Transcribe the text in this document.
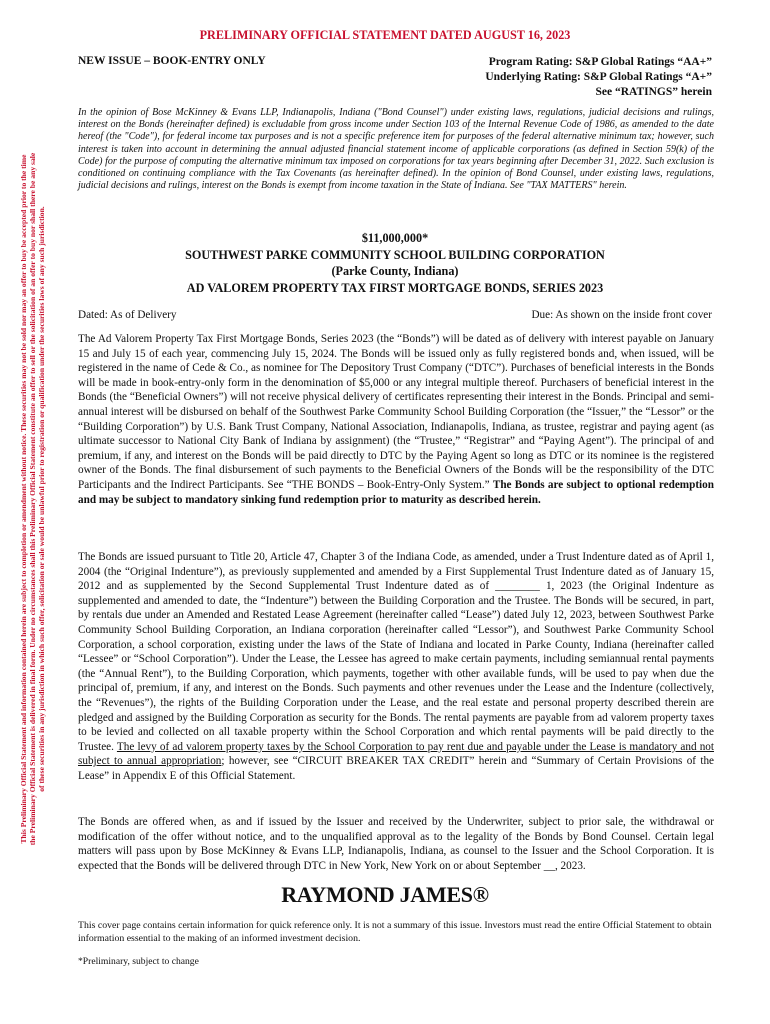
This Preliminary Official Statement and information contained herein are subject to completion or amendment without notice. These securities may not be sold nor may an offer to buy be accepted prior to the time the Preliminary Official Statement is delivered in final form. Under no circumstances shall this Preliminary Official Statement constitute an offer to sell or the solicitation of an offer to buy nor shall there be any sale of these securities in any jurisdiction in which such offer, solicitation or sale would be unlawful prior to registration or qualification under the securities laws of any such jurisdiction.
PRELIMINARY OFFICIAL STATEMENT DATED AUGUST 16, 2023
NEW ISSUE – BOOK-ENTRY ONLY	Program Rating: S&P Global Ratings “AA+”
Underlying Rating: S&P Global Ratings “A+”
See “RATINGS” herein
In the opinion of Bose McKinney & Evans LLP, Indianapolis, Indiana ("Bond Counsel") under existing laws, regulations, judicial decisions and rulings, interest on the Bonds (hereinafter defined) is excludable from gross income under Section 103 of the Internal Revenue Code of 1986, as amended to the date hereof (the "Code"), for federal income tax purposes and is not a specific preference item for purposes of the federal alternative minimum tax; however, such interest is taken into account in determining the annual adjusted financial statement income of applicable corporations (as defined in Section 59(k) of the Code) for the purpose of computing the alternative minimum tax imposed on corporations for tax years beginning after December 31, 2022. Such exclusion is conditioned on continuing compliance with the Tax Covenants (as hereinafter defined). In the opinion of Bond Counsel, under existing laws, regulations, judicial decisions and rulings, interest on the Bonds is exempt from income taxation in the State of Indiana. See "TAX MATTERS" herein.
$11,000,000*
SOUTHWEST PARKE COMMUNITY SCHOOL BUILDING CORPORATION
(Parke County, Indiana)
AD VALOREM PROPERTY TAX FIRST MORTGAGE BONDS, SERIES 2023
Dated: As of Delivery	Due: As shown on the inside front cover
The Ad Valorem Property Tax First Mortgage Bonds, Series 2023 (the “Bonds”) will be dated as of delivery with interest payable on January 15 and July 15 of each year, commencing July 15, 2024. The Bonds will be issued only as fully registered bonds and, when issued, will be registered in the name of Cede & Co., as nominee for The Depository Trust Company (“DTC”). Purchases of beneficial interests in the Bonds will be made in book-entry-only form in the denomination of $5,000 or any integral multiple thereof. Purchasers of beneficial interest in the Bonds (the “Beneficial Owners”) will not receive physical delivery of certificates representing their interest in the Bonds. Principal and semi-annual interest will be disbursed on behalf of the Southwest Parke Community School Building Corporation (the “Issuer,” the “Lessor” or the “Building Corporation”) by U.S. Bank Trust Company, National Association, Indianapolis, Indiana, as trustee, registrar and paying agent (as ultimate successor to National City Bank of Indiana by assignment) (the “Trustee,” “Registrar” and “Paying Agent”). The principal of and premium, if any, and interest on the Bonds will be paid directly to DTC by the Paying Agent so long as DTC or its nominee is the registered owner of the Bonds. The final disbursement of such payments to the Beneficial Owners of the Bonds will be the responsibility of the DTC Participants and the Indirect Participants. See “THE BONDS – Book-Entry-Only System.” The Bonds are subject to optional redemption and may be subject to mandatory sinking fund redemption prior to maturity as described herein.
The Bonds are issued pursuant to Title 20, Article 47, Chapter 3 of the Indiana Code, as amended, under a Trust Indenture dated as of April 1, 2004 (the “Original Indenture”), as previously supplemented and amended by a First Supplemental Trust Indenture dated as of January 15, 2012 and as supplemented by the Second Supplemental Trust Indenture dated as of ________ 1, 2023 (the Original Indenture as supplemented and amended to date, the “Indenture”) between the Building Corporation and the Trustee. The Bonds will be secured, in part, by rentals due under an Amended and Restated Lease Agreement (hereinafter called “Lease”) dated July 12, 2023, between Southwest Parke Community School Building Corporation, an Indiana corporation (hereinafter called “Lessor”), and Southwest Parke Community School Corporation, a school corporation, existing under the laws of the State of Indiana and located in Parke County, Indiana (hereinafter called “Lessee” or “School Corporation”). Under the Lease, the Lessee has agreed to make certain payments, including semiannual rental payments (the “Annual Rent”), to the Building Corporation, which payments, together with other available funds, will be used to pay when due the principal of, premium, if any, and interest on the Bonds. Such payments and other revenues under the Lease and the Indenture (collectively, the “Revenues”), the rights of the Building Corporation under the Lease, and the real estate and personal property described therein are pledged and assigned by the Building Corporation as security for the Bonds. The rental payments are payable from ad valorem property taxes to be levied and collected on all taxable property within the School Corporation and which rental payments will be paid directly to the Trustee. The levy of ad valorem property taxes by the School Corporation to pay rent due and payable under the Lease is mandatory and not subject to annual appropriation; however, see “CIRCUIT BREAKER TAX CREDIT” herein and “Summary of Certain Provisions of the Lease” in Appendix E of this Official Statement.
The Bonds are offered when, as and if issued by the Issuer and received by the Underwriter, subject to prior sale, the withdrawal or modification of the offer without notice, and to the unqualified approval as to the legality of the Bonds by Bond Counsel. Certain legal matters will pass upon by Bose McKinney & Evans LLP, Indianapolis, Indiana, as counsel to the Issuer and the School Corporation. It is expected that the Bonds will be delivered through DTC in New York, New York on or about September __, 2023.
RAYMOND JAMES®
This cover page contains certain information for quick reference only. It is not a summary of this issue. Investors must read the entire Official Statement to obtain information essential to the making of an informed investment decision.
*Preliminary, subject to change
